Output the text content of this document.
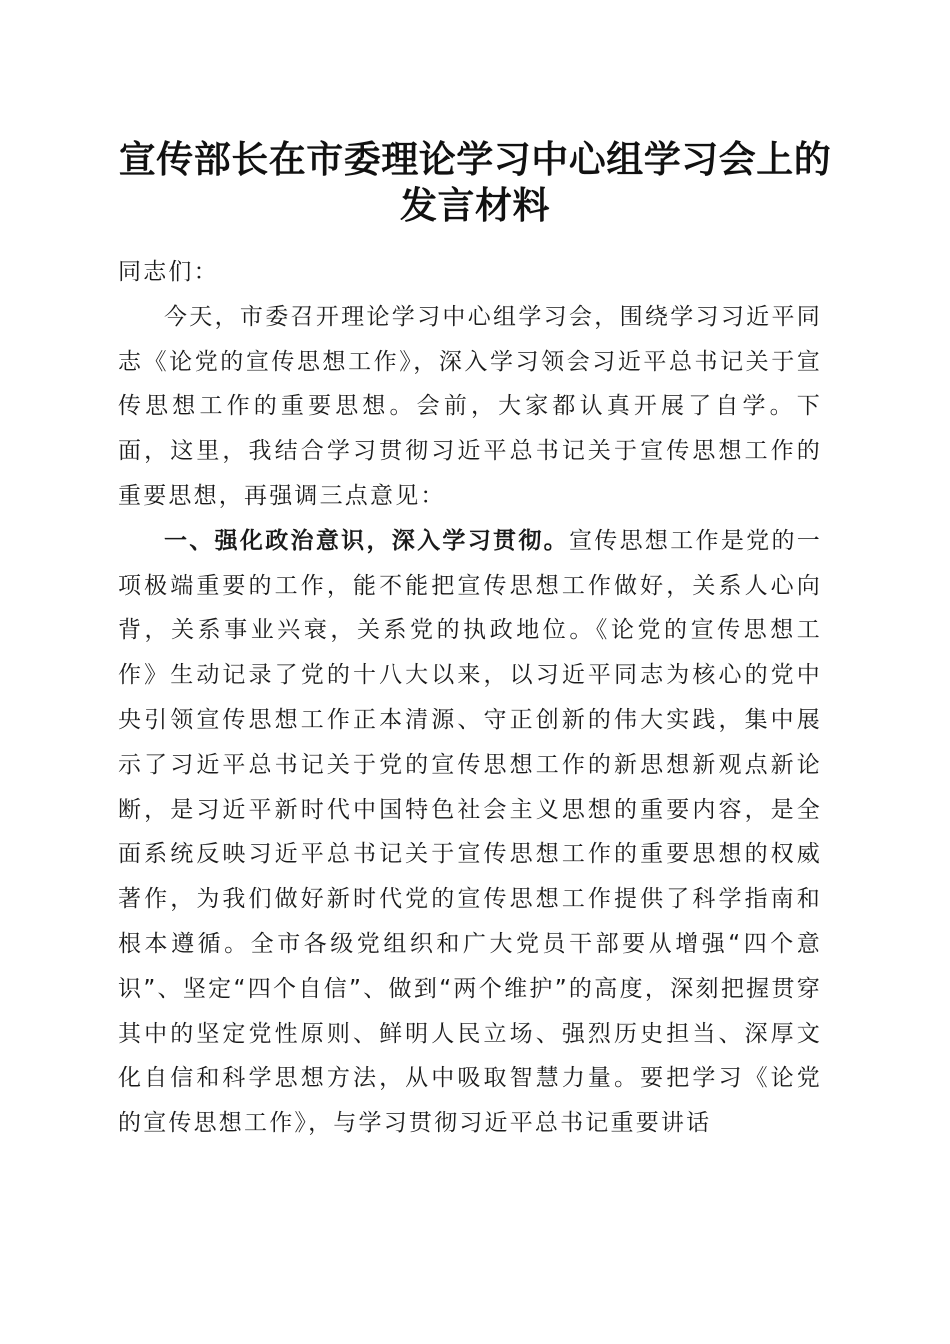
宣传部长在市委理论学习中心组学习会上的发言材料

同志们：

今天，市委召开理论学习中心组学习会，围绕学习习近平同志《论党的宣传思想工作》，深入学习领会习近平总书记关于宣传思想工作的重要思想。会前，大家都认真开展了自学。下面，这里，我结合学习贯彻习近平总书记关于宣传思想工作的重要思想，再强调三点意见：

一、强化政治意识，深入学习贯彻。宣传思想工作是党的一项极端重要的工作，能不能把宣传思想工作做好，关系人心向背，关系事业兴衰，关系党的执政地位。《论党的宣传思想工作》生动记录了党的十八大以来，以习近平同志为核心的党中央引领宣传思想工作正本清源、守正创新的伟大实践，集中展示了习近平总书记关于党的宣传思想工作的新思想新观点新论断，是习近平新时代中国特色社会主义思想的重要内容，是全面系统反映习近平总书记关于宣传思想工作的重要思想的权威著作，为我们做好新时代党的宣传思想工作提供了科学指南和根本遵循。全市各级党组织和广大党员干部要从增强“四个意识”、坚定“四个自信”、做到“两个维护”的高度，深刻把握贯穿其中的坚定党性原则、鲜明人民立场、强烈历史担当、深厚文化自信和科学思想方法，从中吸取智慧力量。要把学习《论党的宣传思想工作》，与学习贯彻习近平总书记重要讲话
